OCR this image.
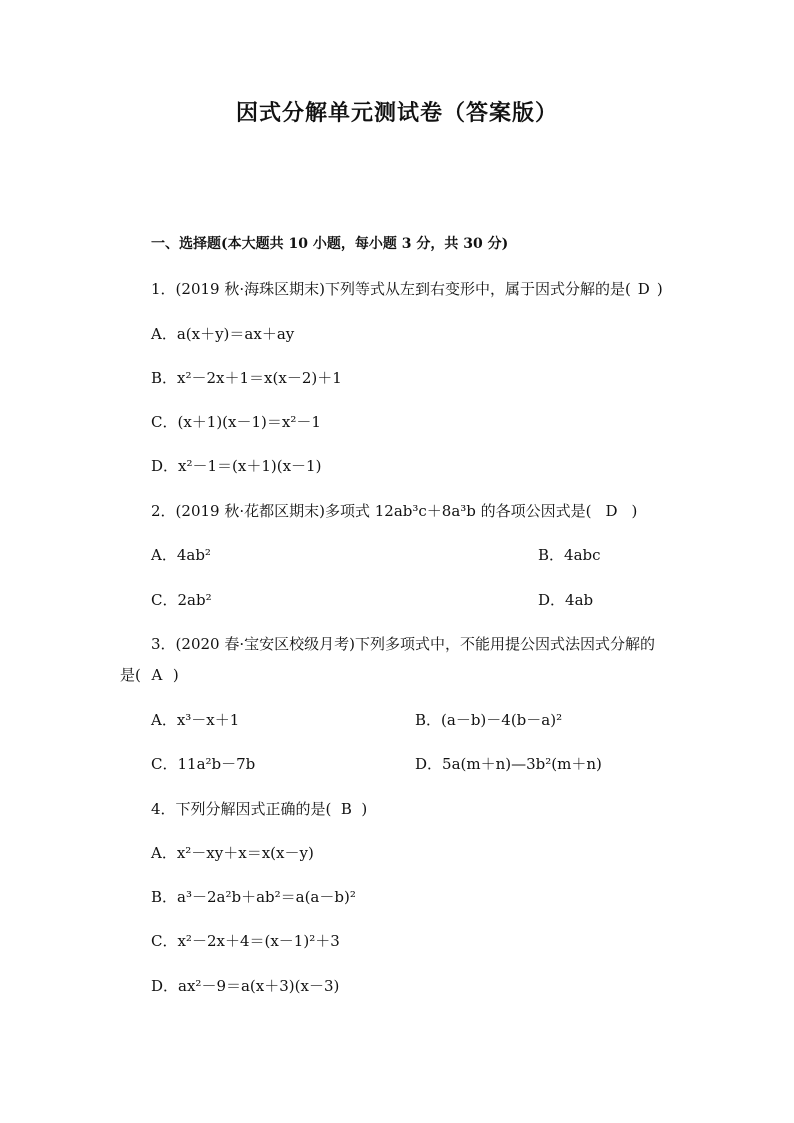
因式分解单元测试卷（答案版）
一、选择题(本大题共 10 小题，每小题 3 分，共 30 分)
1．(2019 秋·海珠区期末)下列等式从左到右变形中，属于因式分解的是( D )
A．a(x＋y)＝ax＋ay
B．x²－2x＋1＝x(x－2)＋1
C．(x＋1)(x－1)＝x²－1
D．x²－1＝(x＋1)(x－1)
2．(2019 秋·花都区期末)多项式 12ab³c＋8a³b 的各项公因式是( D )
A．4ab²	B．4abc
C．2ab²	D．4ab
3．(2020 春·宝安区校级月考)下列多项式中，不能用提公因式法因式分解的
是( A )
A．x³－x＋1	B．(a－b)－4(b－a)²
C．11a²b－7b	D．5a(m＋n)—3b²(m＋n)
4．下列分解因式正确的是( B )
A．x²－xy＋x＝x(x－y)
B．a³－2a²b＋ab²＝a(a－b)²
C．x²－2x＋4＝(x－1)²＋3
D．ax²－9＝a(x＋3)(x－3)
